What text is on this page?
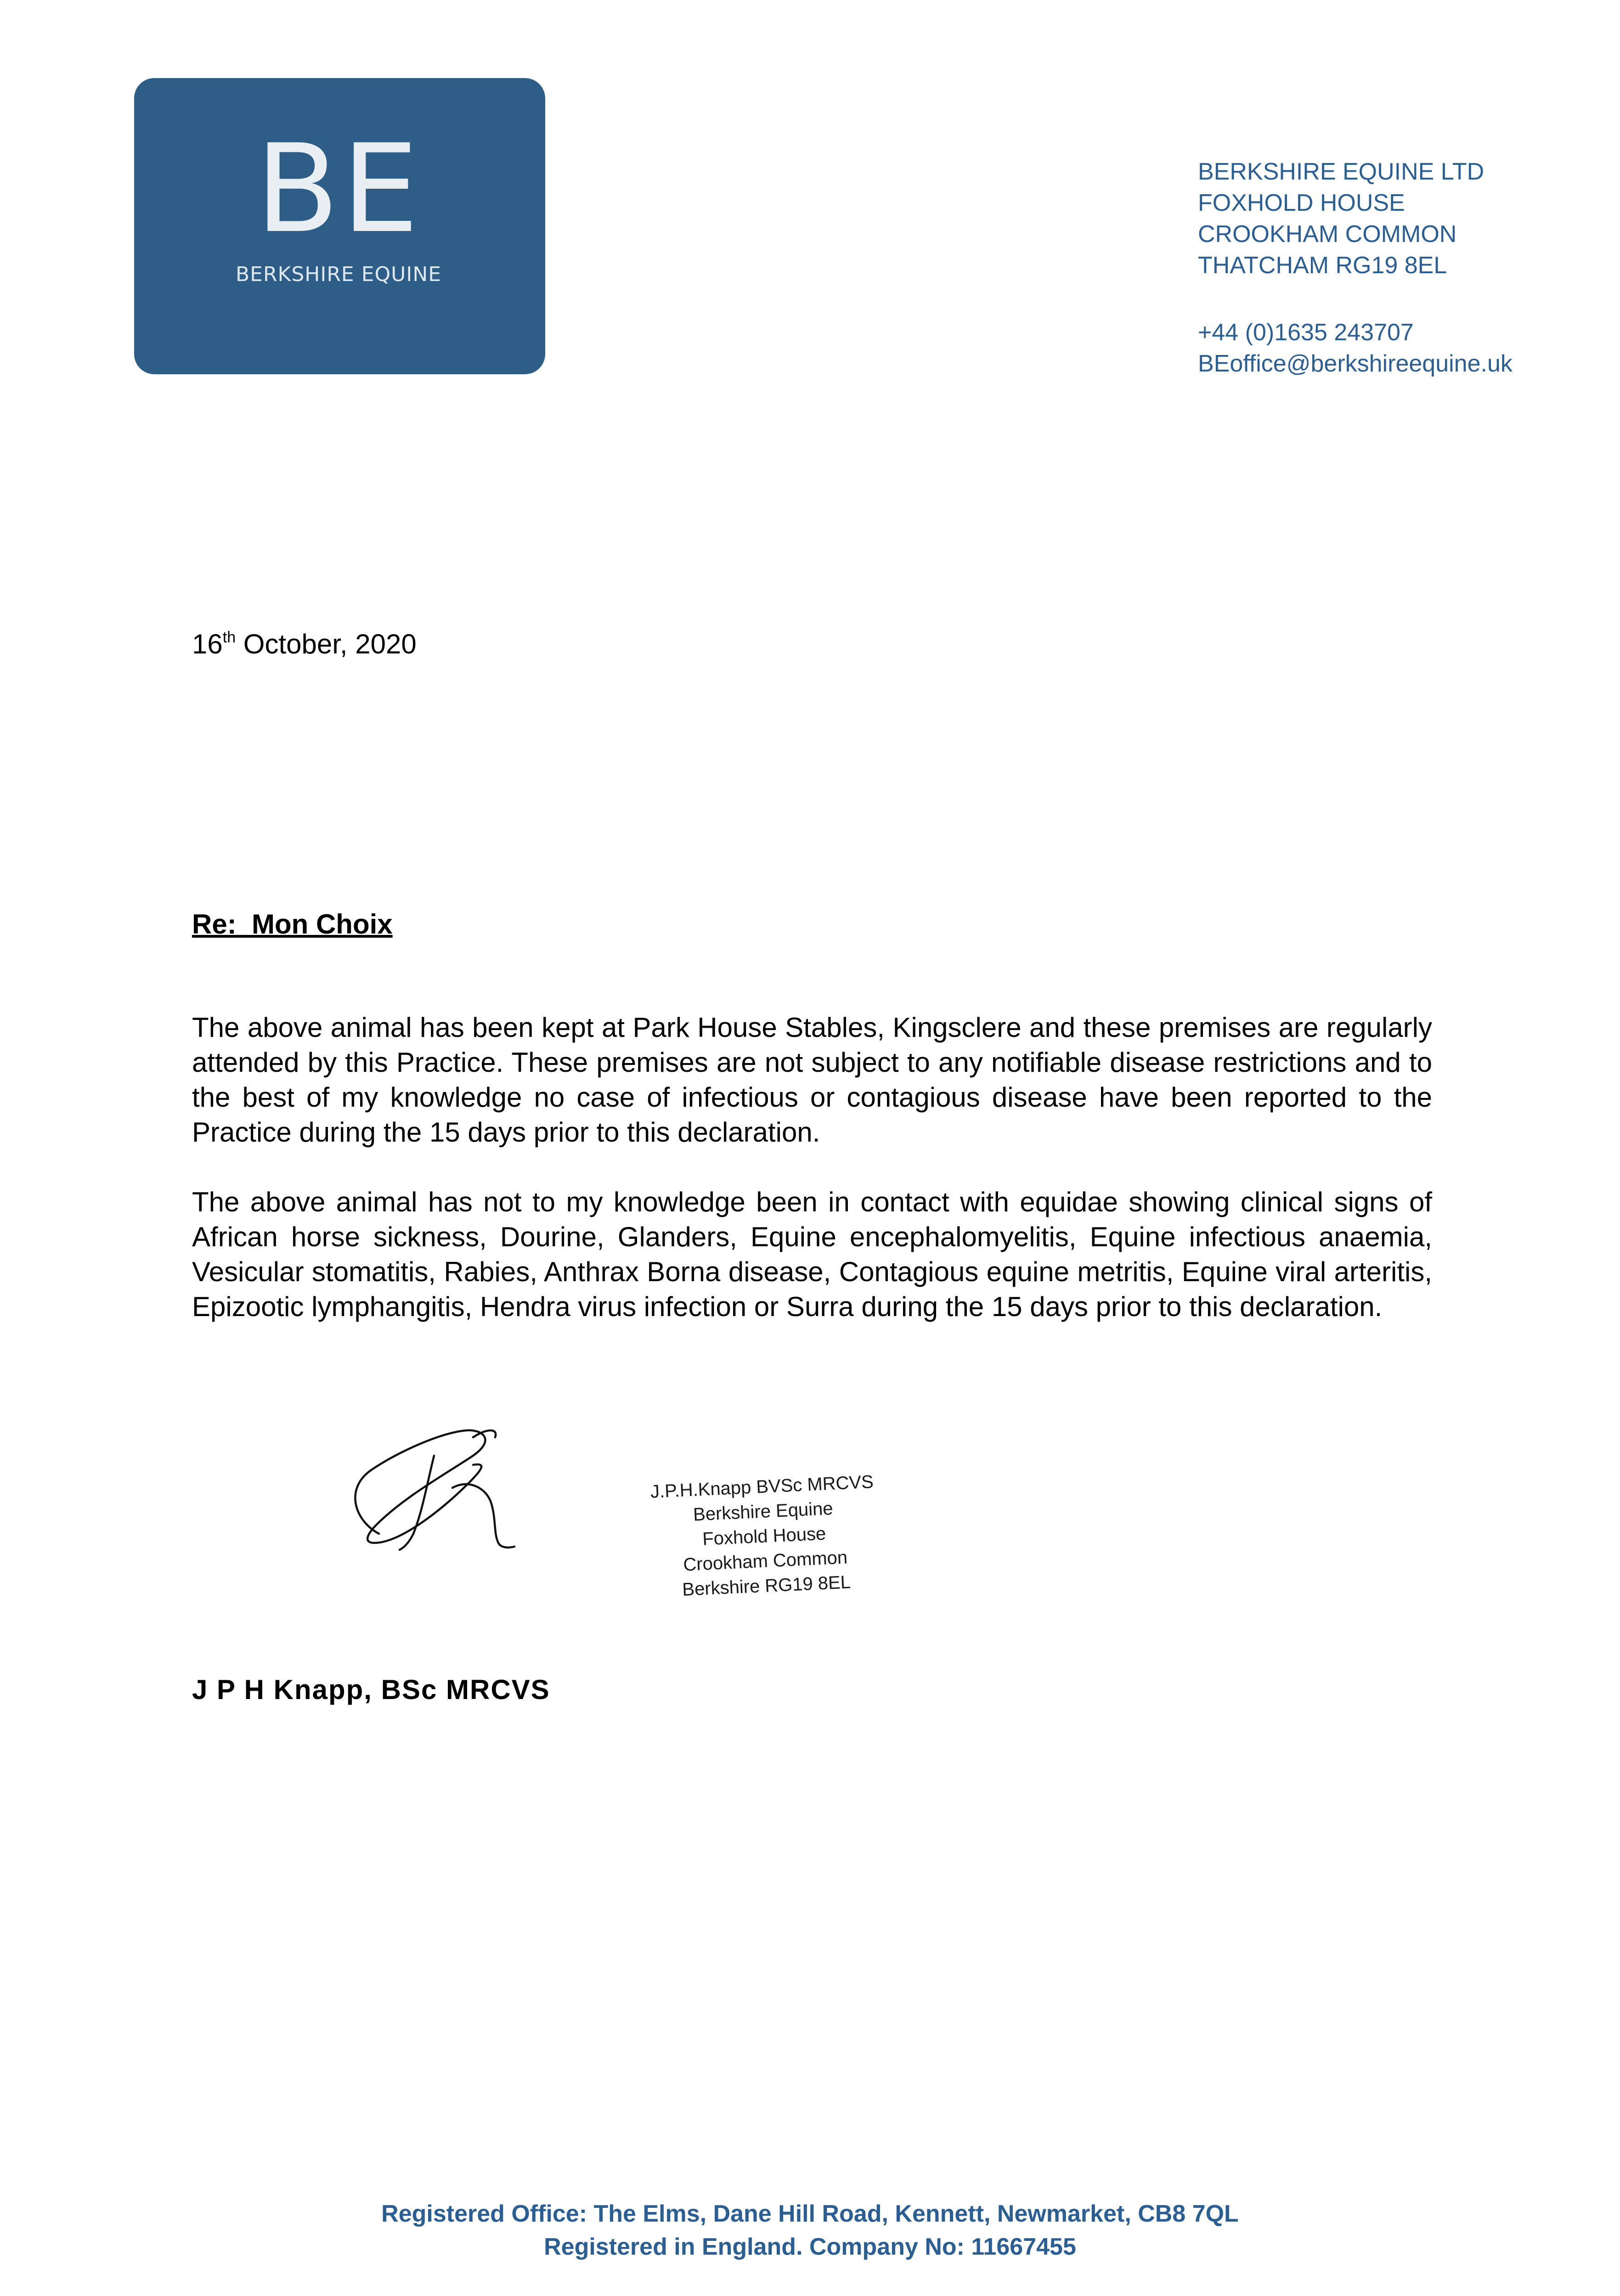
BE
BERKSHIRE EQUINE
BERKSHIRE EQUINE LTD
FOXHOLD HOUSE
CROOKHAM COMMON
THATCHAM RG19 8EL
+44 (0)1635 243707
BEoffice@berkshireequine.uk
16th October, 2020
Re:  Mon Choix
The above animal has been kept at Park House Stables, Kingsclere and these premises are regularly attended by this Practice. These premises are not subject to any notifiable disease restrictions and to the best of my knowledge no case of infectious or contagious disease have been reported to the Practice during the 15 days prior to this declaration.
The above animal has not to my knowledge been in contact with equidae showing clinical signs of African horse sickness, Dourine, Glanders, Equine encephalomyelitis, Equine infectious anaemia, Vesicular stomatitis, Rabies, Anthrax Borna disease, Contagious equine metritis, Equine viral arteritis, Epizootic lymphangitis, Hendra virus infection or Surra during the 15 days prior to this declaration.
J.P.H.Knapp BVSc MRCVS
Berkshire Equine
Foxhold House
Crookham Common
Berkshire RG19 8EL
J P H Knapp, BSc MRCVS
Registered Office: The Elms, Dane Hill Road, Kennett, Newmarket, CB8 7QL
Registered in England. Company No: 11667455
